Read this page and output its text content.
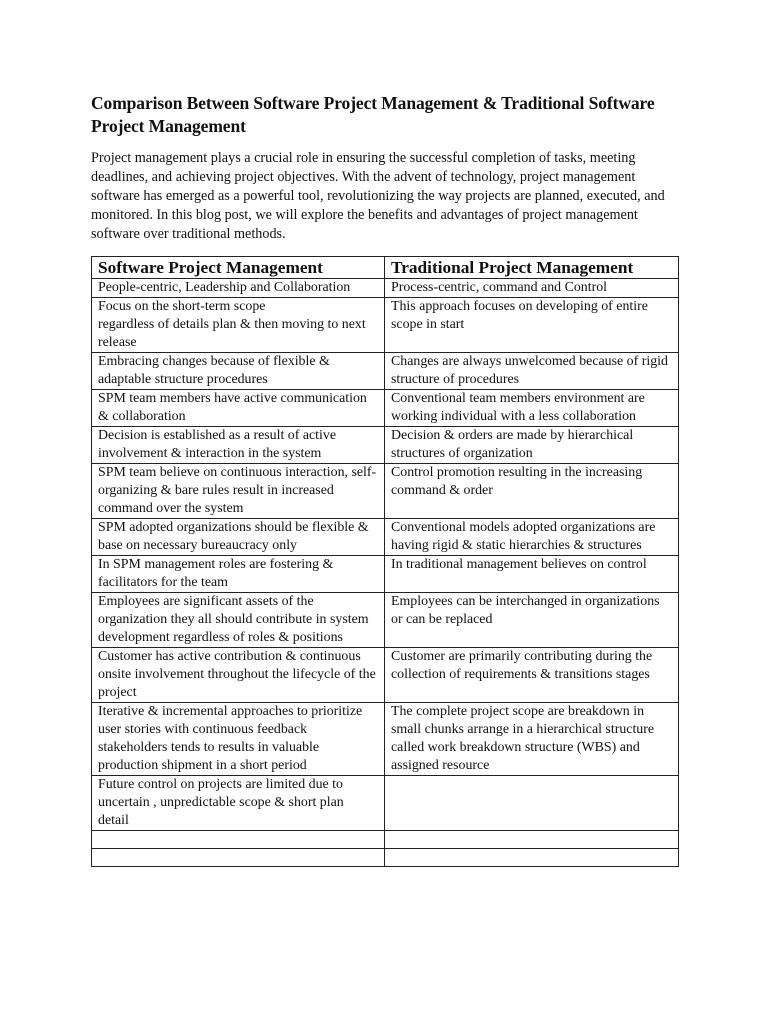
Comparison Between Software Project Management & Traditional Software Project Management

Project management plays a crucial role in ensuring the successful completion of tasks, meeting deadlines, and achieving project objectives. With the advent of technology, project management software has emerged as a powerful tool, revolutionizing the way projects are planned, executed, and monitored. In this blog post, we will explore the benefits and advantages of project management software over traditional methods.

Software Project Management	Traditional Project Management
People-centric, Leadership and Collaboration	Process-centric, command and Control
Focus on the short-term scope
regardless of details plan & then moving to next release	This approach focuses on developing of entire scope in start
Embracing changes because of flexible & adaptable structure procedures	Changes are always unwelcomed because of rigid structure of procedures
SPM team members have active communication & collaboration	Conventional team members environment are working individual with a less collaboration
Decision is established as a result of active involvement & interaction in the system	Decision & orders are made by hierarchical structures of organization
SPM team believe on continuous interaction, self-organizing & bare rules result in increased command over the system	Control promotion resulting in the increasing command & order
SPM adopted organizations should be flexible & base on necessary bureaucracy only	Conventional models adopted organizations are having rigid & static hierarchies & structures
In SPM management roles are fostering & facilitators for the team	In traditional management believes on control
Employees are significant assets of the organization they all should contribute in system development regardless of roles & positions	Employees can be interchanged in organizations or can be replaced
Customer has active contribution & continuous onsite involvement throughout the lifecycle of the project	Customer are primarily contributing during the collection of requirements & transitions stages
Iterative & incremental approaches to prioritize user stories with continuous feedback stakeholders tends to results in valuable production shipment in a short period	The complete project scope are breakdown in small chunks arrange in a hierarchical structure called work breakdown structure (WBS) and assigned resource
Future control on projects are limited due to uncertain , unpredictable scope & short plan detail	
